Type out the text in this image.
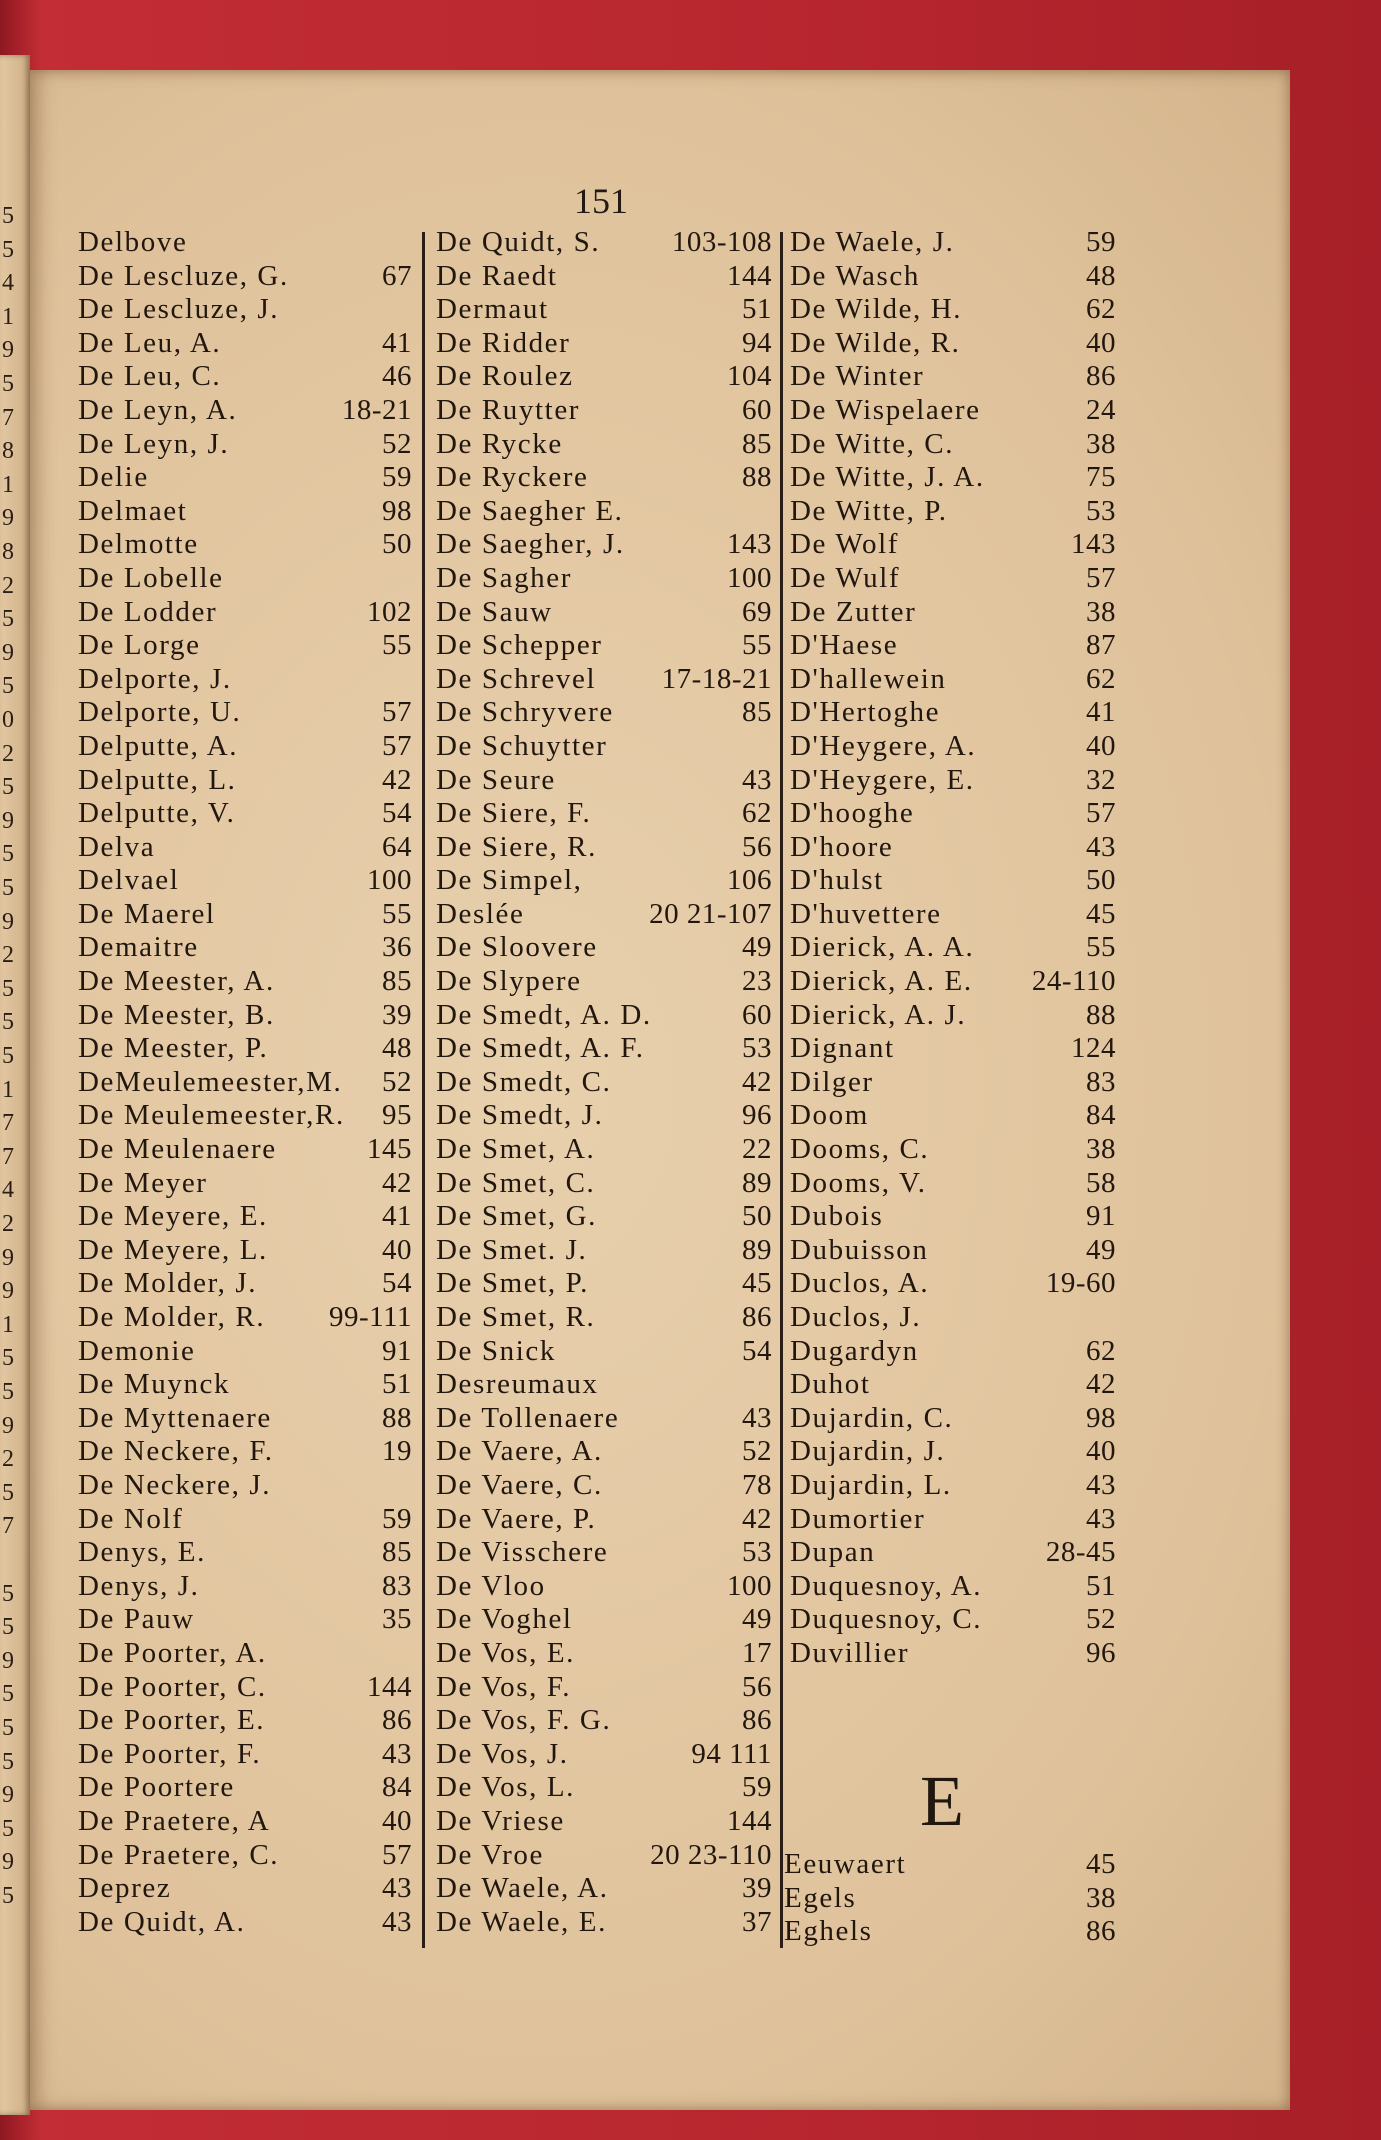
5
5
4
1
9
5
7
8
1
9
8
2
5
9
5
0
2
5
9
5
5
9
2
5
5
5
1
7
7
4
2
9
9
1
5
5
9
2
5
7
5
5
9
5
5
5
9
5
9
5
151
Delbove
De Lescluze, G.	67
De Lescluze, J.
De Leu, A.	41
De Leu, C.	46
De Leyn, A.	18-21
De Leyn, J.	52
Delie	59
Delmaet	98
Delmotte	50
De Lobelle
De Lodder	102
De Lorge	55
Delporte, J.
Delporte, U.	57
Delputte, A.	57
Delputte, L.	42
Delputte, V.	54
Delva	64
Delvael	100
De Maerel	55
Demaitre	36
De Meester, A.	85
De Meester, B.	39
De Meester, P.	48
DeMeulemeester,M. 52
De Meulemeester,R. 95
De Meulenaere	145
De Meyer	42
De Meyere, E.	41
De Meyere, L.	40
De Molder, J.	54
De Molder, R. 99-111
Demonie	91
De Muynck	51
De Myttenaere	88
De Neckere, F.	19
De Neckere, J.
De Nolf	59
Denys, E.	85
Denys, J.	83
De Pauw	35
De Poorter, A.
De Poorter, C.	144
De Poorter, E.	86
De Poorter, F.	43
De Poortere	84
De Praetere, A	40
De Praetere, C.	57
Deprez	43
De Quidt, A.	43
De Quidt, S. 103-108
De Raedt	144
Dermaut	51
De Ridder	94
De Roulez	104
De Ruytter	60
De Rycke	85
De Ryckere	88
De Saegher E.
De Saegher, J.	143
De Sagher	100
De Sauw	69
De Schepper	55
De Schrevel 17-18-21
De Schryvere	85
De Schuytter
De Seure	43
De Siere, F.	62
De Siere, R.	56
De Simpel,	106
Deslée	20 21-107
De Sloovere	49
De Slypere	23
De Smedt, A. D.	60
De Smedt, A. F.	53
De Smedt, C.	42
De Smedt, J.	96
De Smet, A.	22
De Smet, C.	89
De Smet, G.	50
De Smet. J.	89
De Smet, P.	45
De Smet, R.	86
De Snick	54
Desreumaux
De Tollenaere	43
De Vaere, A.	52
De Vaere, C.	78
De Vaere, P.	42
De Visschere	53
De Vloo	100
De Voghel	49
De Vos, E.	17
De Vos, F.	56
De Vos, F. G.	86
De Vos, J.	94 111
De Vos, L.	59
De Vriese	144
De Vroe	20 23-110
De Waele, A.	39
De Waele, E.	37
De Waele, J.	59
De Wasch	48
De Wilde, H.	62
De Wilde, R.	40
De Winter	86
De Wispelaere	24
De Witte, C.	38
De Witte, J. A.	75
De Witte, P.	53
De Wolf	143
De Wulf	57
De Zutter	38
D'Haese	87
D'hallewein	62
D'Hertoghe	41
D'Heygere, A.	40
D'Heygere, E.	32
D'hooghe	57
D'hoore	43
D'hulst	50
D'huvettere	45
Dierick, A. A.	55
Dierick, A. E. 24-110
Dierick, A. J.	88
Dignant	124
Dilger	83
Doom	84
Dooms, C.	38
Dooms, V.	58
Dubois	91
Dubuisson	49
Duclos, A.	19-60
Duclos, J.
Dugardyn	62
Duhot	42
Dujardin, C.	98
Dujardin, J.	40
Dujardin, L.	43
Dumortier	43
Dupan	28-45
Duquesnoy, A.	51
Duquesnoy, C.	52
Duvillier	96
E
Eeuwaert	45
Egels	38
Eghels	86
